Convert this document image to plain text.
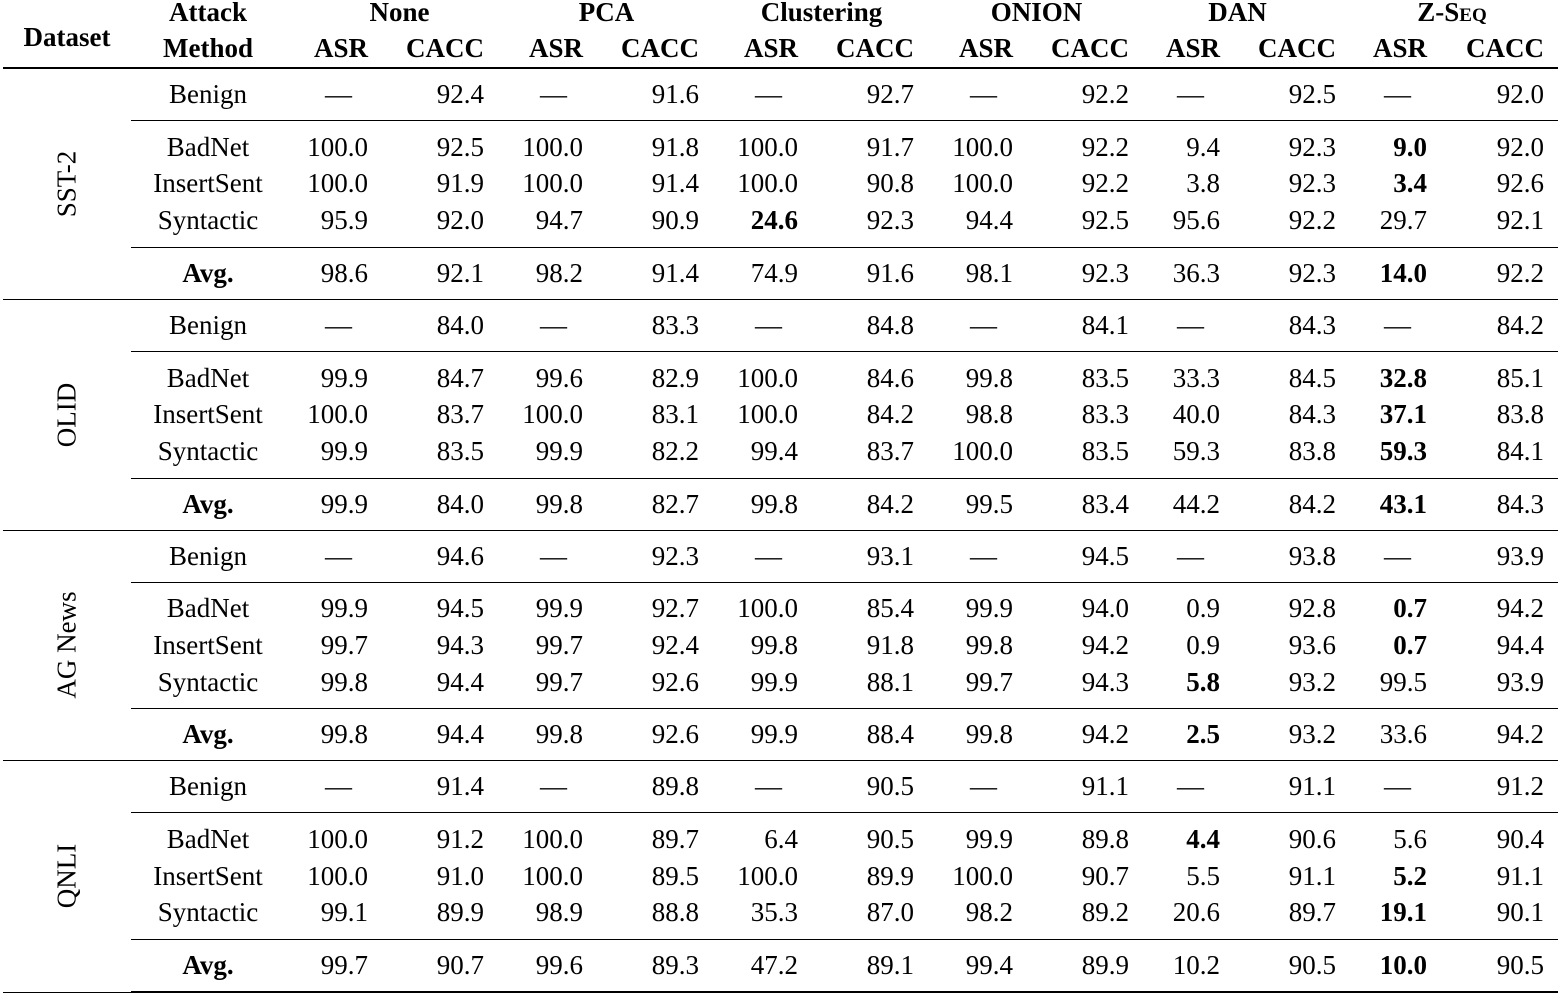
Dataset	Attack	None		PCA		Clustering		ONION		DAN		Z-Seq	
	Method	ASR	CACC	ASR	CACC	ASR	CACC	ASR	CACC	ASR	CACC	ASR	CACC

SST-2	Benign	—	92.4	—	91.6	—	92.7	—	92.2	—	92.5	—	92.0
	BadNet	100.0	92.5	100.0	91.8	100.0	91.7	100.0	92.2	9.4	92.3	9.0	92.0
	InsertSent	100.0	91.9	100.0	91.4	100.0	90.8	100.0	92.2	3.8	92.3	3.4	92.6
	Syntactic	95.9	92.0	94.7	90.9	24.6	92.3	94.4	92.5	95.6	92.2	29.7	92.1
	Avg.	98.6	92.1	98.2	91.4	74.9	91.6	98.1	92.3	36.3	92.3	14.0	92.2

OLID	Benign	—	84.0	—	83.3	—	84.8	—	84.1	—	84.3	—	84.2
	BadNet	99.9	84.7	99.6	82.9	100.0	84.6	99.8	83.5	33.3	84.5	32.8	85.1
	InsertSent	100.0	83.7	100.0	83.1	100.0	84.2	98.8	83.3	40.0	84.3	37.1	83.8
	Syntactic	99.9	83.5	99.9	82.2	99.4	83.7	100.0	83.5	59.3	83.8	59.3	84.1
	Avg.	99.9	84.0	99.8	82.7	99.8	84.2	99.5	83.4	44.2	84.2	43.1	84.3

AG News	Benign	—	94.6	—	92.3	—	93.1	—	94.5	—	93.8	—	93.9
	BadNet	99.9	94.5	99.9	92.7	100.0	85.4	99.9	94.0	0.9	92.8	0.7	94.2
	InsertSent	99.7	94.3	99.7	92.4	99.8	91.8	99.8	94.2	0.9	93.6	0.7	94.4
	Syntactic	99.8	94.4	99.7	92.6	99.9	88.1	99.7	94.3	5.8	93.2	99.5	93.9
	Avg.	99.8	94.4	99.8	92.6	99.9	88.4	99.8	94.2	2.5	93.2	33.6	94.2

QNLI	Benign	—	91.4	—	89.8	—	90.5	—	91.1	—	91.1	—	91.2
	BadNet	100.0	91.2	100.0	89.7	6.4	90.5	99.9	89.8	4.4	90.6	5.6	90.4
	InsertSent	100.0	91.0	100.0	89.5	100.0	89.9	100.0	90.7	5.5	91.1	5.2	91.1
	Syntactic	99.1	89.9	98.9	88.8	35.3	87.0	98.2	89.2	20.6	89.7	19.1	90.1
	Avg.	99.7	90.7	99.6	89.3	47.2	89.1	99.4	89.9	10.2	90.5	10.0	90.5
